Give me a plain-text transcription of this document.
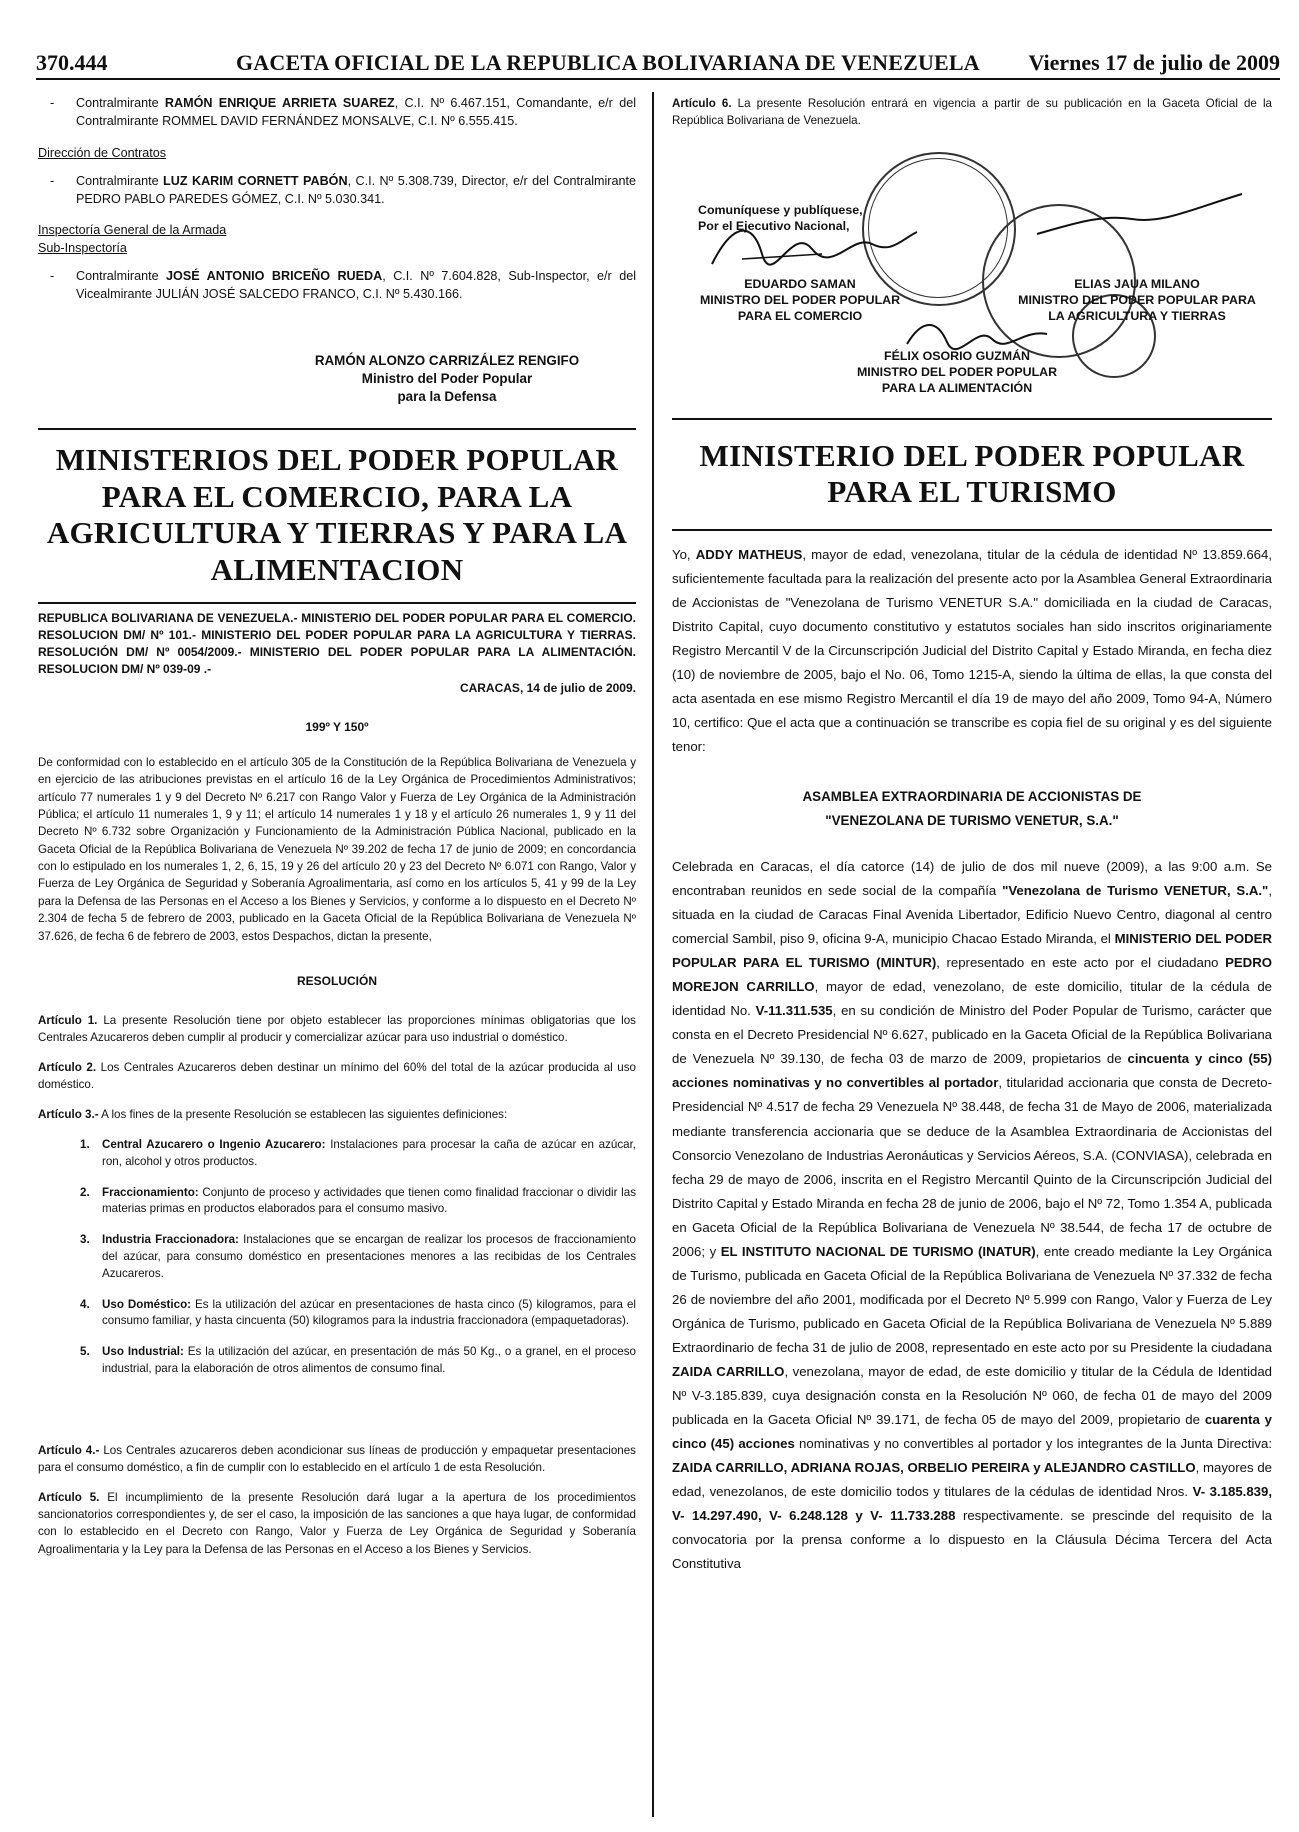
370.444	GACETA OFICIAL DE LA REPUBLICA BOLIVARIANA DE VENEZUELA Viernes 17 de julio de 2009
- Contralmirante RAMÓN ENRIQUE ARRIETA SUAREZ, C.I. Nº 6.467.151, Comandante, e/r del Contralmirante ROMMEL DAVID FERNÁNDEZ MONSALVE, C.I. Nº 6.555.415.
Dirección de Contratos
- Contralmirante LUZ KARIM CORNETT PABÓN, C.I. Nº 5.308.739, Director, e/r del Contralmirante PEDRO PABLO PAREDES GÓMEZ, C.I. Nº 5.030.341.
Inspectoría General de la Armada
Sub-Inspectoría
- Contralmirante JOSÉ ANTONIO BRICEÑO RUEDA, C.I. Nº 7.604.828, Sub-Inspector, e/r del Vicealmirante JULIÁN JOSÉ SALCEDO FRANCO, C.I. Nº 5.430.166.
RAMÓN ALONZO CARRIZÁLEZ RENGIFO
Ministro del Poder Popular
para la Defensa
MINISTERIOS DEL PODER POPULAR PARA EL COMERCIO, PARA LA AGRICULTURA Y TIERRAS Y PARA LA ALIMENTACION
REPUBLICA BOLIVARIANA DE VENEZUELA.- MINISTERIO DEL PODER POPULAR PARA EL COMERCIO. RESOLUCION DM/ Nº 101.- MINISTERIO DEL PODER POPULAR PARA LA AGRICULTURA Y TIERRAS. RESOLUCIÓN DM/ Nº 0054/2009.- MINISTERIO DEL PODER POPULAR PARA LA ALIMENTACIÓN. RESOLUCION DM/ Nº 039-09 .-
CARACAS, 14 de julio de 2009.
199º Y 150º

De conformidad con lo establecido en el artículo 305 de la Constitución de la República Bolivariana de Venezuela y en ejercicio de las atribuciones previstas en el artículo 16 de la Ley Orgánica de Procedimientos Administrativos; artículo 77 numerales 1 y 9 del Decreto Nº 6.217 con Rango Valor y Fuerza de Ley Orgánica de la Administración Pública; el artículo 11 numerales 1, 9 y 11; el artículo 14 numerales 1 y 18 y el artículo 26 numerales 1, 9 y 11 del Decreto Nº 6.732 sobre Organización y Funcionamiento de la Administración Pública Nacional, publicado en la Gaceta Oficial de la República Bolivariana de Venezuela Nº 39.202 de fecha 17 de junio de 2009; en concordancia con lo estipulado en los numerales 1, 2, 6, 15, 19 y 26 del artículo 20 y 23 del Decreto Nº 6.071 con Rango, Valor y Fuerza de Ley Orgánica de Seguridad y Soberanía Agroalimentaria, así como en los artículos 5, 41 y 99 de la Ley para la Defensa de las Personas en el Acceso a los Bienes y Servicios, y conforme a lo dispuesto en el Decreto Nº 2.304 de fecha 5 de febrero de 2003, publicado en la Gaceta Oficial de la República Bolivariana de Venezuela Nº 37.626, de fecha 6 de febrero de 2003, estos Despachos, dictan la presente,

RESOLUCIÓN

Artículo 1. La presente Resolución tiene por objeto establecer las proporciones mínimas obligatorias que los Centrales Azucareros deben cumplir al producir y comercializar azúcar para uso industrial o doméstico.

Artículo 2. Los Centrales Azucareros deben destinar un mínimo del 60% del total de la azúcar producida al uso doméstico.

Artículo 3.- A los fines de la presente Resolución se establecen las siguientes definiciones:

1. Central Azucarero o Ingenio Azucarero: Instalaciones para procesar la caña de azúcar en azúcar, ron, alcohol y otros productos.
2. Fraccionamiento: Conjunto de proceso y actividades que tienen como finalidad fraccionar o dividir las materias primas en productos elaborados para el consumo masivo.
3. Industria Fraccionadora: Instalaciones que se encargan de realizar los procesos de fraccionamiento del azúcar, para consumo doméstico en presentaciones menores a las recibidas de los Centrales Azucareros.
4. Uso Doméstico: Es la utilización del azúcar en presentaciones de hasta cinco (5) kilogramos, para el consumo familiar, y hasta cincuenta (50) kilogramos para la industria fraccionadora (empaquetadoras).
5. Uso Industrial: Es la utilización del azúcar, en presentación de más 50 Kg., o a granel, en el proceso industrial, para la elaboración de otros alimentos de consumo final.

Artículo 4.- Los Centrales azucareros deben acondicionar sus líneas de producción y empaquetar presentaciones para el consumo doméstico, a fin de cumplir con lo establecido en el artículo 1 de esta Resolución.

Artículo 5. El incumplimiento de la presente Resolución dará lugar a la apertura de los procedimientos sancionatorios correspondientes y, de ser el caso, la imposición de las sanciones a que haya lugar, de conformidad con lo establecido en el Decreto con Rango, Valor y Fuerza de Ley Orgánica de Seguridad y Soberanía Agroalimentaria y la Ley para la Defensa de las Personas en el Acceso a los Bienes y Servicios.

Artículo 6. La presente Resolución entrará en vigencia a partir de su publicación en la Gaceta Oficial de la República Bolivariana de Venezuela.

Comuníquese y publíquese,
Por el Ejecutivo Nacional,
EDUARDO SAMAN
MINISTRO DEL PODER POPULAR
PARA EL COMERCIO
ELIAS JAUA MILANO
MINISTRO DEL PODER POPULAR PARA
LA AGRICULTURA Y TIERRAS
FÉLIX OSORIO GUZMÁN
MINISTRO DEL PODER POPULAR
PARA LA ALIMENTACIÓN
MINISTERIO DEL PODER POPULAR PARA EL TURISMO

Yo, ADDY MATHEUS, mayor de edad, venezolana, titular de la cédula de identidad Nº 13.859.664, suficientemente facultada para la realización del presente acto por la Asamblea General Extraordinaria de Accionistas de "Venezolana de Turismo VENETUR S.A." domiciliada en la ciudad de Caracas, Distrito Capital, cuyo documento constitutivo y estatutos sociales han sido inscritos originariamente Registro Mercantil V de la Circunscripción Judicial del Distrito Capital y Estado Miranda, en fecha diez (10) de noviembre de 2005, bajo el No. 06, Tomo 1215-A, siendo la última de ellas, la que consta del acta asentada en ese mismo Registro Mercantil el día 19 de mayo del año 2009, Tomo 94-A, Número 10, certifico: Que el acta que a continuación se transcribe es copia fiel de su original y es del siguiente tenor:

ASAMBLEA EXTRAORDINARIA DE ACCIONISTAS DE
"VENEZOLANA DE TURISMO VENETUR, S.A."

Celebrada en Caracas, el día catorce (14) de julio de dos mil nueve (2009), a las 9:00 a.m. Se encontraban reunidos en sede social de la compañía "Venezolana de Turismo VENETUR, S.A.", situada en la ciudad de Caracas Final Avenida Libertador, Edificio Nuevo Centro, diagonal al centro comercial Sambil, piso 9, oficina 9-A, municipio Chacao Estado Miranda, el MINISTERIO DEL PODER POPULAR PARA EL TURISMO (MINTUR), representado en este acto por el ciudadano PEDRO MOREJON CARRILLO, mayor de edad, venezolano, de este domicilio, titular de la cédula de identidad No. V-11.311.535, en su condición de Ministro del Poder Popular de Turismo, carácter que consta en el Decreto Presidencial Nº 6.627, publicado en la Gaceta Oficial de la República Bolivariana de Venezuela Nº 39.130, de fecha 03 de marzo de 2009, propietarios de cincuenta y cinco (55) acciones nominativas y no convertibles al portador, titularidad accionaria que consta de Decreto-Presidencial Nº 4.517 de fecha 29 Venezuela Nº 38.448, de fecha 31 de Mayo de 2006, materializada mediante transferencia accionaria que se deduce de la Asamblea Extraordinaria de Accionistas del Consorcio Venezolano de Industrias Aeronáuticas y Servicios Aéreos, S.A. (CONVIASA), celebrada en fecha 29 de mayo de 2006, inscrita en el Registro Mercantil Quinto de la Circunscripción Judicial del Distrito Capital y Estado Miranda en fecha 28 de junio de 2006, bajo el Nº 72, Tomo 1.354 A, publicada en Gaceta Oficial de la República Bolivariana de Venezuela Nº 38.544, de fecha 17 de octubre de 2006; y EL INSTITUTO NACIONAL DE TURISMO (INATUR), ente creado mediante la Ley Orgánica de Turismo, publicada en Gaceta Oficial de la República Bolivariana de Venezuela Nº 37.332 de fecha 26 de noviembre del año 2001, modificada por el Decreto Nº 5.999 con Rango, Valor y Fuerza de Ley Orgánica de Turismo, publicado en Gaceta Oficial de la República Bolivariana de Venezuela Nº 5.889 Extraordinario de fecha 31 de julio de 2008, representado en este acto por su Presidente la ciudadana ZAIDA CARRILLO, venezolana, mayor de edad, de este domicilio y titular de la Cédula de Identidad Nº V-3.185.839, cuya designación consta en la Resolución Nº 060, de fecha 01 de mayo del 2009 publicada en la Gaceta Oficial Nº 39.171, de fecha 05 de mayo del 2009, propietario de cuarenta y cinco (45) acciones nominativas y no convertibles al portador y los integrantes de la Junta Directiva: ZAIDA CARRILLO, ADRIANA ROJAS, ORBELIO PEREIRA y ALEJANDRO CASTILLO, mayores de edad, venezolanos, de este domicilio todos y titulares de la cédulas de identidad Nros. V- 3.185.839, V- 14.297.490, V- 6.248.128 y V- 11.733.288 respectivamente. se prescinde del requisito de la convocatoria por la prensa conforme a lo dispuesto en la Cláusula Décima Tercera del Acta Constitutiva
